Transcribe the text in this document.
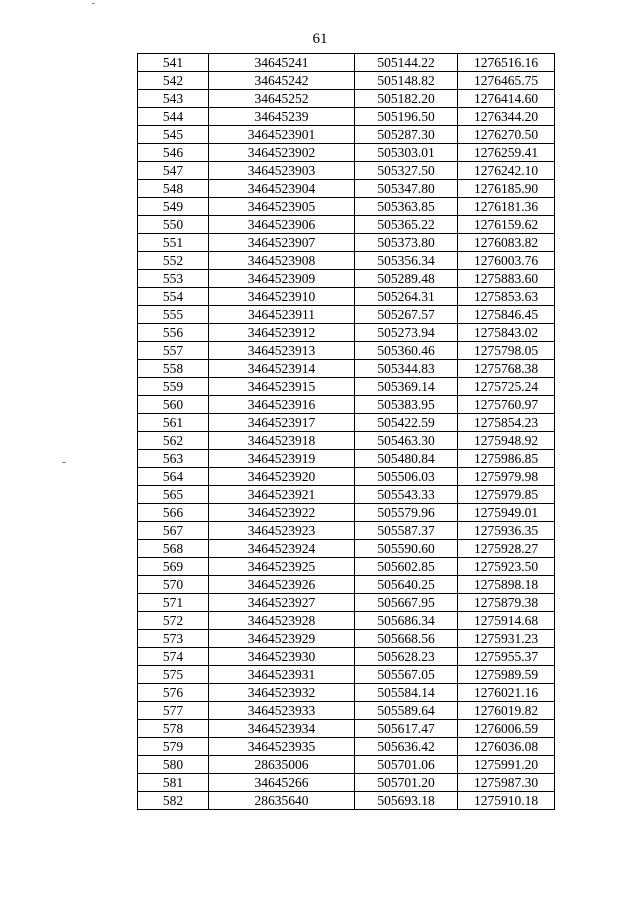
61
541	34645241	505144.22	1276516.16
542	34645242	505148.82	1276465.75
543	34645252	505182.20	1276414.60
544	34645239	505196.50	1276344.20
545	3464523901	505287.30	1276270.50
546	3464523902	505303.01	1276259.41
547	3464523903	505327.50	1276242.10
548	3464523904	505347.80	1276185.90
549	3464523905	505363.85	1276181.36
550	3464523906	505365.22	1276159.62
551	3464523907	505373.80	1276083.82
552	3464523908	505356.34	1276003.76
553	3464523909	505289.48	1275883.60
554	3464523910	505264.31	1275853.63
555	3464523911	505267.57	1275846.45
556	3464523912	505273.94	1275843.02
557	3464523913	505360.46	1275798.05
558	3464523914	505344.83	1275768.38
559	3464523915	505369.14	1275725.24
560	3464523916	505383.95	1275760.97
561	3464523917	505422.59	1275854.23
562	3464523918	505463.30	1275948.92
563	3464523919	505480.84	1275986.85
564	3464523920	505506.03	1275979.98
565	3464523921	505543.33	1275979.85
566	3464523922	505579.96	1275949.01
567	3464523923	505587.37	1275936.35
568	3464523924	505590.60	1275928.27
569	3464523925	505602.85	1275923.50
570	3464523926	505640.25	1275898.18
571	3464523927	505667.95	1275879.38
572	3464523928	505686.34	1275914.68
573	3464523929	505668.56	1275931.23
574	3464523930	505628.23	1275955.37
575	3464523931	505567.05	1275989.59
576	3464523932	505584.14	1276021.16
577	3464523933	505589.64	1276019.82
578	3464523934	505617.47	1276006.59
579	3464523935	505636.42	1276036.08
580	28635006	505701.06	1275991.20
581	34645266	505701.20	1275987.30
582	28635640	505693.18	1275910.18
